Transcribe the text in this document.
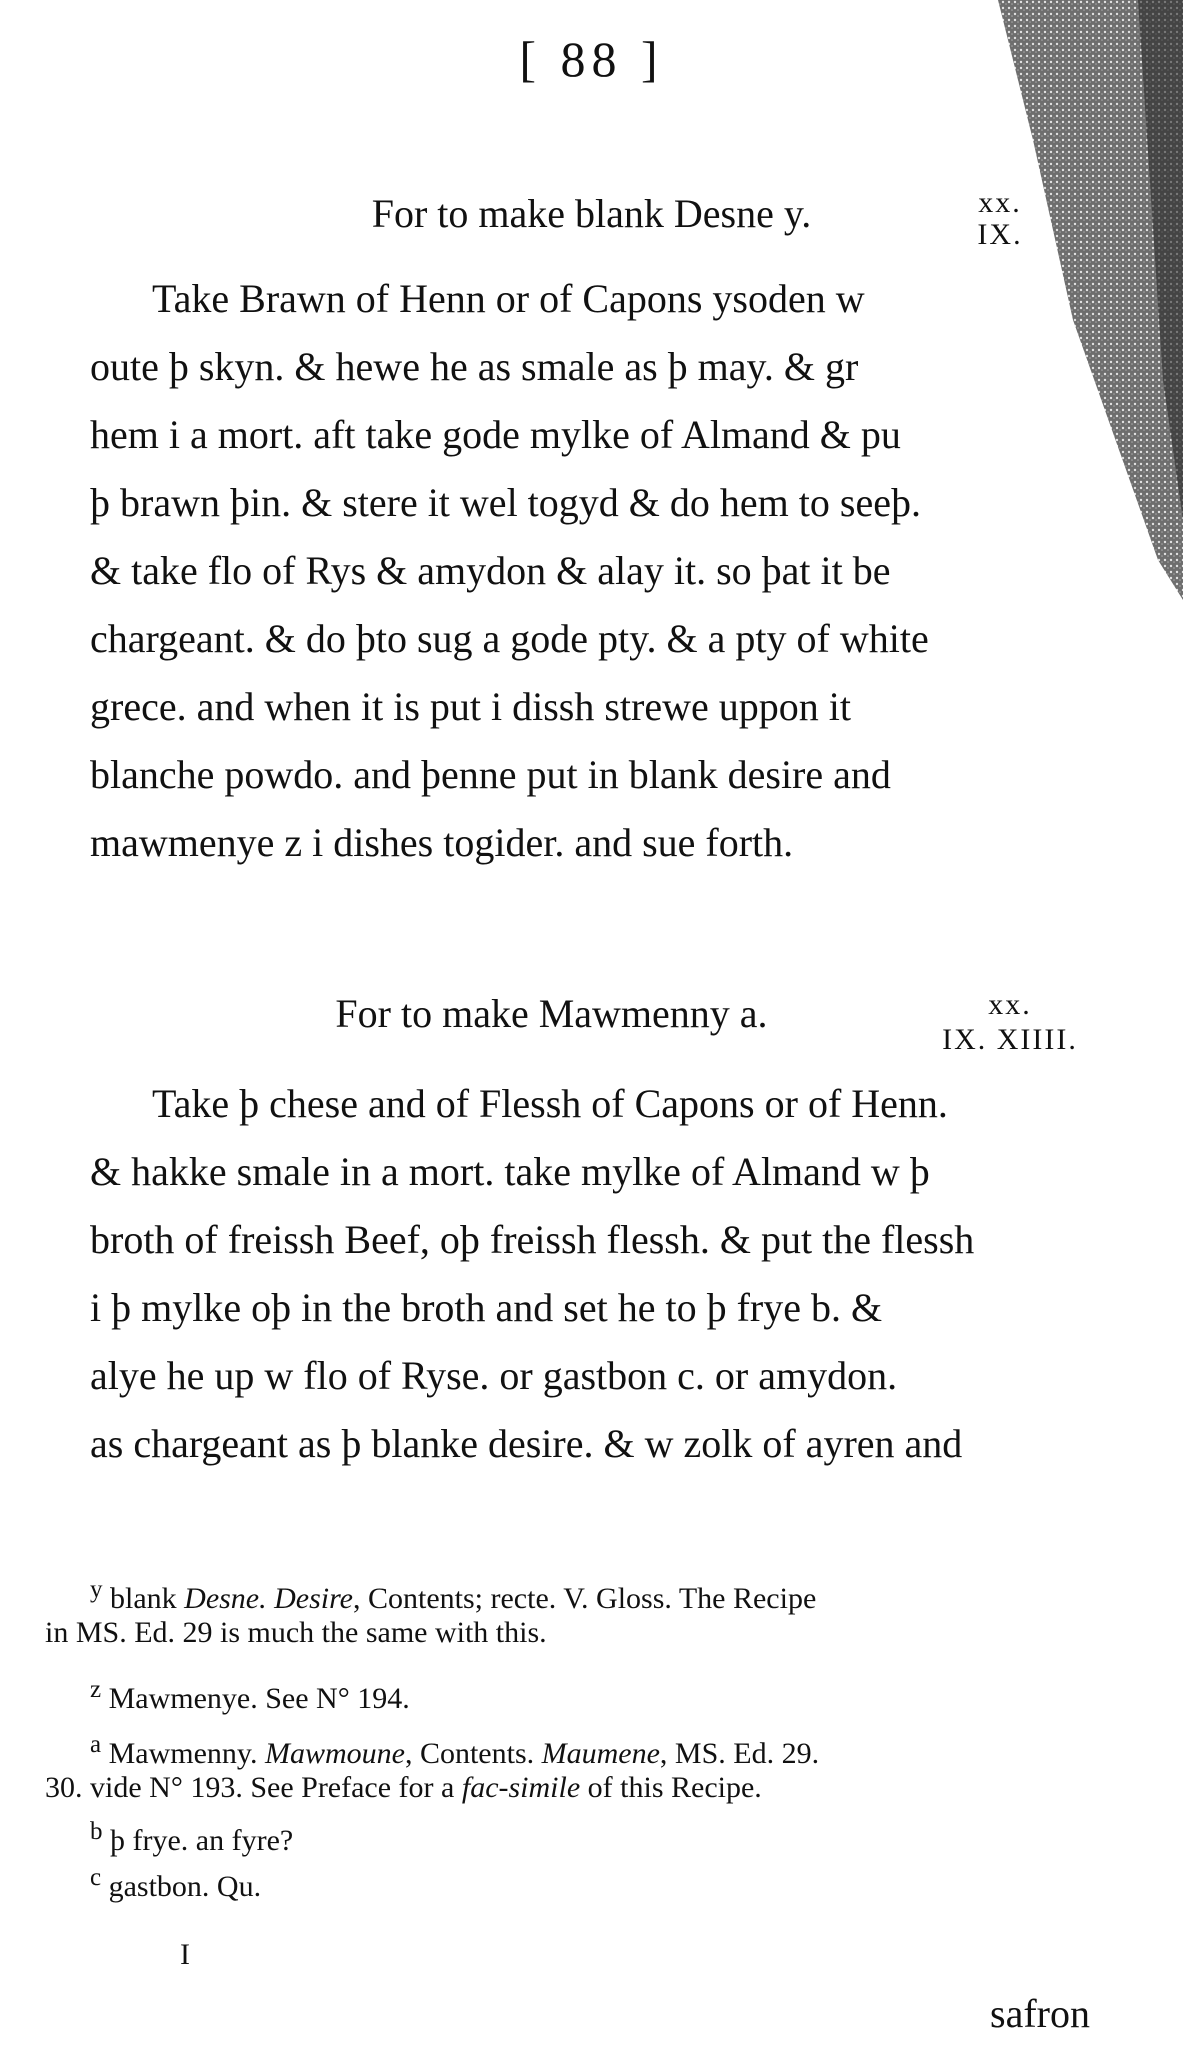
[ 88 ]
For to make blank Desne y.	xx.
IX.
Take Brawn of Henn or of Capons ysoden w
oute þ skyn. & hewe he as smale as þ may. & gr
hem i a mort. aft take gode mylke of Almand & pu
þ brawn þin. & stere it wel togyd & do hem to seeþ.
& take flo of Rys & amydon & alay it. so þat it be
chargeant. & do þto sug a gode pty. & a pty of white
grece. and when it is put i dissh strewe uppon it
blanche powdo. and þenne put in blank desire and
mawmenye z i dishes togider. and sue forth.
For to make Mawmenny a.	xx.
IX. XIIII.
Take þ chese and of Flessh of Capons or of Henn.
& hakke smale in a mort. take mylke of Almand w þ
broth of freissh Beef, oþ freissh flessh. & put the flessh
i þ mylke oþ in the broth and set he to þ frye b. &
alye he up w flo of Ryse. or gastbon c. or amydon.
as chargeant as þ blanke desire. & w zolk of ayren and
$^y$ blank Desne. Desire, Contents; recte. V. Gloss. The Recipe
in MS. Ed. 29 is much the same with this.
$^z$ Mawmenye. See N° 194.
$^a$ Mawmenny. Mawmoune, Contents. Maumene, MS. Ed. 29.
30. vide N° 193. See Preface for a fac-simile of this Recipe.
$^b$ þ frye. an fyre?
$^c$ gastbon. Qu.
I
safron
